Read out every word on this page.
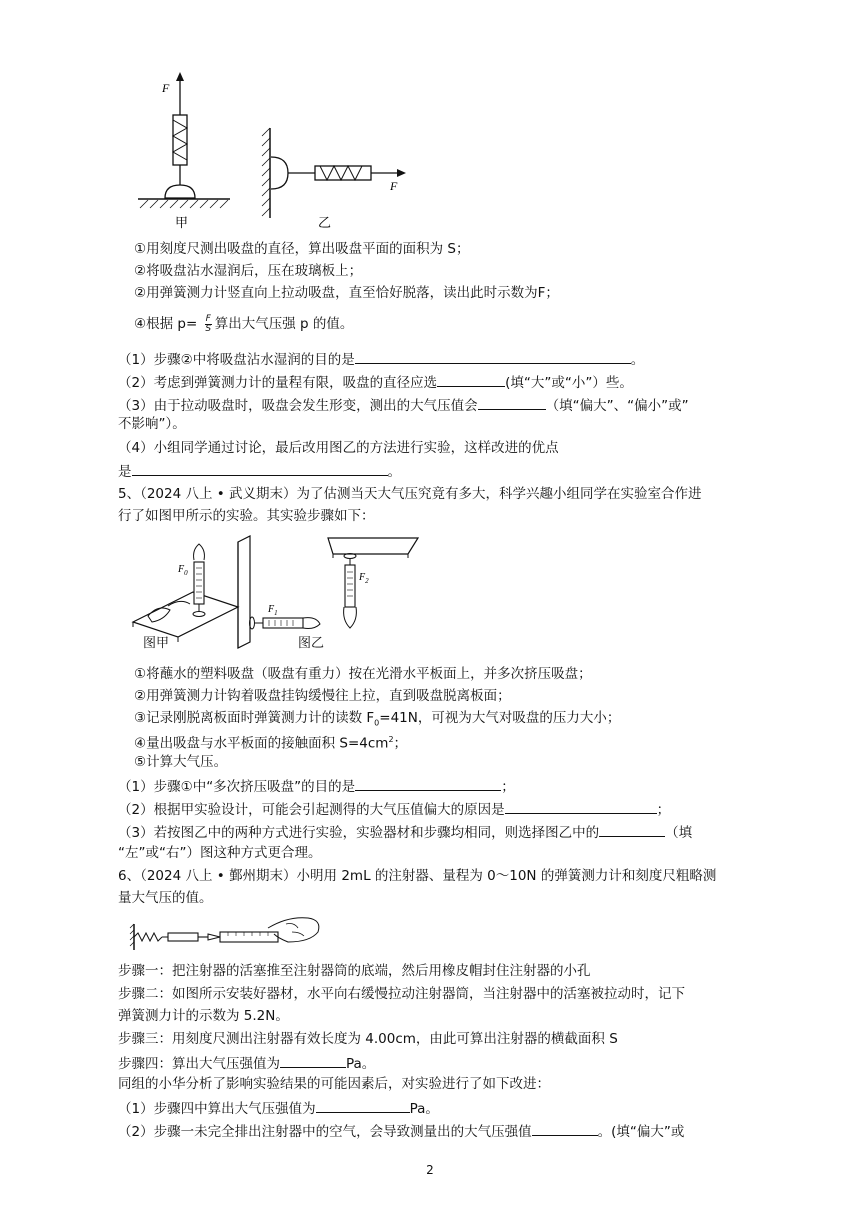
F
甲
F
乙
①用刻度尺测出吸盘的直径，算出吸盘平面的面积为 S；
②将吸盘沾水湿润后，压在玻璃板上；
②用弹簧测力计竖直向上拉动吸盘，直至恰好脱落，读出此时示数为F；
④根据 $p= \frac{F}{S}$ 算出大气压强 p 的值。
（1）步骤②中将吸盘沾水湿润的目的是	。
（2）考虑到弹簧测力计的量程有限，吸盘的直径应选	(填“大”或“小”）些。
（3）由于拉动吸盘时，吸盘会发生形变，测出的大气压值会	（填“偏大”、“偏小”或”
不影响”）。
（4）小组同学通过讨论，最后改用图乙的方法进行实验，这样改进的优点
是	。
5、（2024 八上 • 武义期末）为了估测当天大气压究竟有多大，科学兴趣小组同学在实验室合作进
行了如图甲所示的实验。其实验步骤如下：
$F_0$
$F_1$
$F_2$
图甲	图乙
①将蘸水的塑料吸盘（吸盘有重力）按在光滑水平板面上，并多次挤压吸盘；
②用弹簧测力计钩着吸盘挂钩缓慢往上拉，直到吸盘脱离板面；
③记录刚脱离板面时弹簧测力计的读数 $F_0=41N$，可视为大气对吸盘的压力大小；
④量出吸盘与水平板面的接触面积 $S=4cm^2$；
⑤计算大气压。
（1）步骤①中“多次挤压吸盘”的目的是	；
（2）根据甲实验设计，可能会引起测得的大气压值偏大的原因是	；
（3）若按图乙中的两种方式进行实验，实验器材和步骤均相同，则选择图乙中的	（填
“左”或“右”）图这种方式更合理。
6、（2024 八上 • 鄞州期末）小明用 2mL 的注射器、量程为 0～10N 的弹簧测力计和刻度尺粗略测
量大气压的值。
步骤一：把注射器的活塞推至注射器筒的底端，然后用橡皮帽封住注射器的小孔
步骤二：如图所示安装好器材，水平向右缓慢拉动注射器筒，当注射器中的活塞被拉动时，记下
弹簧测力计的示数为 5.2N。
步骤三：用刻度尺测出注射器有效长度为 4.00cm，由此可算出注射器的横截面积 S
步骤四：算出大气压强值为	Pa。
同组的小华分析了影响实验结果的可能因素后，对实验进行了如下改进：
（1）步骤四中算出大气压强值为	Pa。
（2）步骤一未完全排出注射器中的空气，会导致测量出的大气压强值	。(填“偏大”或
2
